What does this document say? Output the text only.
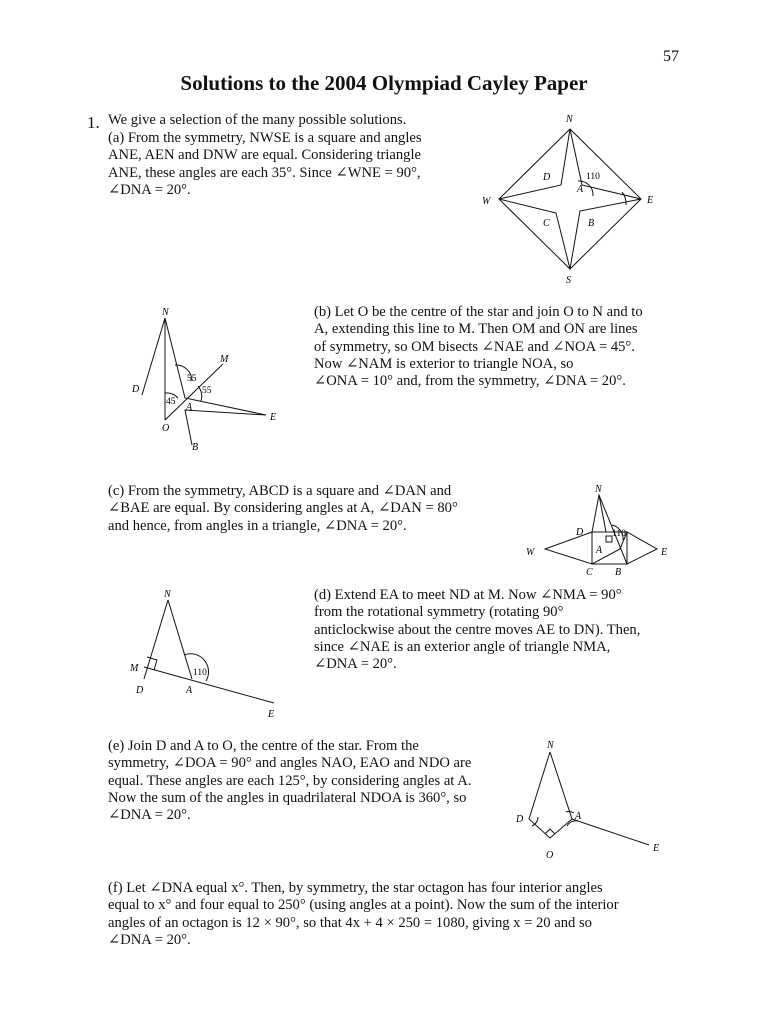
57
Solutions to the 2004 Olympiad Cayley Paper
1. We give a selection of the many possible solutions.

(a) From the symmetry, NWSE is a square and angles

ANE, AEN and DNW are equal. Considering triangle

ANE, these angles are each 35°. Since ∠WNE = 90°,

∠DNA = 20°.

N
W	E
S
D
A
C	B
110
N
M
D
A
O
B
E
55
55
45

(b) Let O be the centre of the star and join O to N and to

A, extending this line to M. Then OM and ON are lines

of symmetry, so OM bisects ∠NAE and ∠NOA = 45°.

Now ∠NAM is exterior to triangle NOA, so

∠ONA = 10° and, from the symmetry, ∠DNA = 20°.

(c) From the symmetry, ABCD is a square and ∠DAN and

∠BAE are equal. By considering angles at A, ∠DAN = 80°

and hence, from angles in a triangle, ∠DNA = 20°.

N
W	E
D
A
C B
110
N
M
D	A
E
110

(d) Extend EA to meet ND at M. Now ∠NMA = 90°

from the rotational symmetry (rotating 90°

anticlockwise about the centre moves AE to DN). Then,

since ∠NAE is an exterior angle of triangle NMA,

∠DNA = 20°.

(e) Join D and A to O, the centre of the star. From the

symmetry, ∠DOA = 90° and angles NAO, EAO and NDO are

equal. These angles are each 125°, by considering angles at A.

Now the sum of the angles in quadrilateral NDOA is 360°, so

∠DNA = 20°.

N
D	A
O
E

(f) Let ∠DNA equal x°. Then, by symmetry, the star octagon has four interior angles

equal to x° and four equal to 250° (using angles at a point). Now the sum of the interior

angles of an octagon is 12 × 90°, so that 4x + 4 × 250 = 1080, giving x = 20 and so

∠DNA = 20°.
